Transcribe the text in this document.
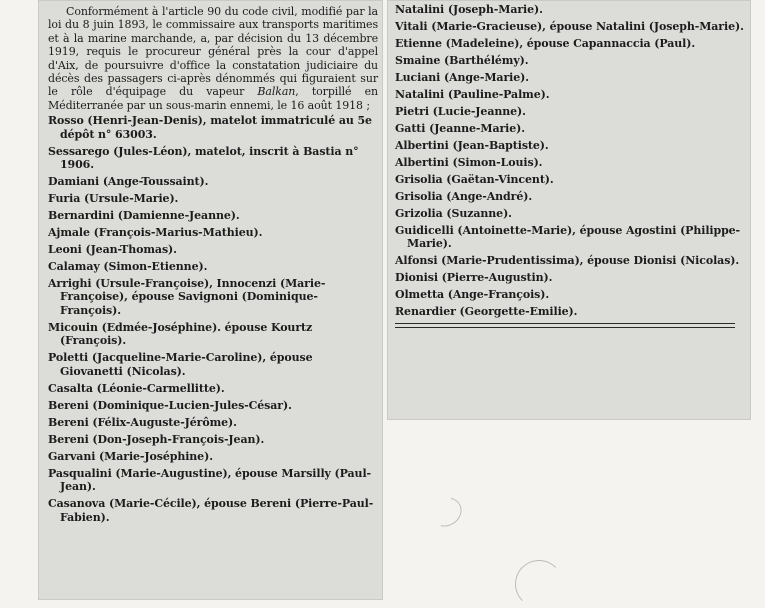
Conformément à l'article 90 du code civil, modifié par la loi du 8 juin 1893, le commissaire aux transports maritimes et à la marine marchande, a, par décision du 13 décembre 1919, requis le procureur général près la cour d'appel d'Aix, de poursuivre d'office la constatation judiciaire du décès des passagers ci-après dénommés qui figuraient sur le rôle d'équipage du vapeur Balkan, torpillé en Méditerranée par un sous-marin ennemi, le 16 août 1918 ;

Rosso (Henri-Jean-Denis), matelot immatriculé au 5e dépôt n° 63003.
Sessarego (Jules-Léon), matelot, inscrit à Bastia n° 1906.
Damiani (Ange-Toussaint).
Furia (Ursule-Marie).
Bernardini (Damienne-Jeanne).
Ajmale (François-Marius-Mathieu).
Leoni (Jean-Thomas).
Calamay (Simon-Etienne).
Arrighi (Ursule-Françoise), Innocenzi (Marie-Françoise), épouse Savignoni (Dominique-François).
Micouin (Edmée-Joséphine). épouse Kourtz (François).
Poletti (Jacqueline-Marie-Caroline), épouse Giovanetti (Nicolas).
Casalta (Léonie-Carmellitte).
Bereni (Dominique-Lucien-Jules-César).
Bereni (Félix-Auguste-Jérôme).
Bereni (Don-Joseph-François-Jean).
Garvani (Marie-Joséphine).
Pasqualini (Marie-Augustine), épouse Marsilly (Paul-Jean).
Casanova (Marie-Cécile), épouse Bereni (Pierre-Paul-Fabien).
Natalini (Joseph-Marie).
Vitali (Marie-Gracieuse), épouse Natalini (Joseph-Marie).
Etienne (Madeleine), épouse Capannaccia (Paul).
Smaine (Barthélémy).
Luciani (Ange-Marie).
Natalini (Pauline-Palme).
Pietri (Lucie-Jeanne).
Gatti (Jeanne-Marie).
Albertini (Jean-Baptiste).
Albertini (Simon-Louis).
Grisolia (Gaëtan-Vincent).
Grisolia (Ange-André).
Grizolia (Suzanne).
Guidicelli (Antoinette-Marie), épouse Agostini (Philippe-Marie).
Alfonsi (Marie-Prudentissima), épouse Dionisi (Nicolas).
Dionisi (Pierre-Augustin).
Olmetta (Ange-François).
Renardier (Georgette-Emilie).
